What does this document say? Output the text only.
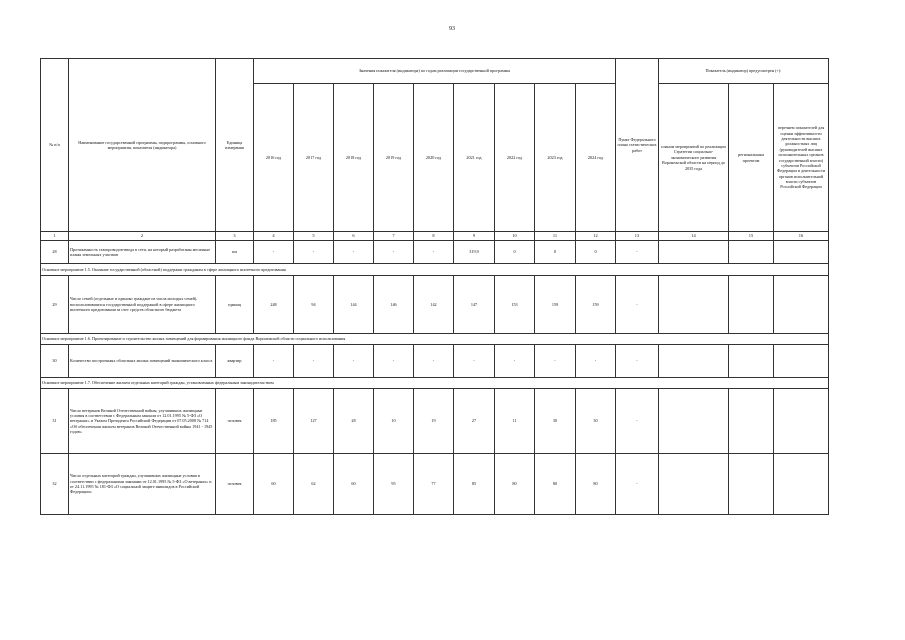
93
№ п/п	Наименование государственной программы, подпрограммы, основного мероприятия, показателя (индикатора)	Единица измерения	Значения показателя (индикатора) по годам реализации государственной программы									Пункт Федерального плана статистических работ	Показатель (индикатор) предусмотрен (+):		
			2016 год	2017 год	2018 год	2019 год	2020 год	2021 год	2022 год	2023 год	2024 год		планом мероприятий по реализации Стратегии социально-экономического развития Воронежской области на период до 2035 года	региональным проектом	перечнем показателей для оценки эффективности деятельности высших должностных лиц (руководителей высших исполнительных органов государственной власти) субъектов Российской Федерации и деятельности органов исполнительной власти субъектов Российской Федерации
1	2	3	4	5	6	7	8	9	10	11	12	13	14	15	16
28	Протяженность газопроводов-ввода в сети, на который разработаны месячные планы земельных участков	км	-	-	-	-	-	319,9	0	0	0	-			
Основное мероприятие 1.5. Оказание государственной (областной) поддержки гражданам в сфере жилищного ипотечного кредитования															
29	Число семей (отдельные и одиноко граждане из числа молодых семей), воспользовавшихся государственной поддержкой в сфере жилищного ипотечного кредитования за счет средств областного бюджета	единиц	248	94	144	146	142	147	153	159	159	-			
Основное мероприятие 1.6. Проектирование и строительство жилых помещений для формирования жилищного фонда Воронежской области социального использования															
30	Количество построенных областных жилых помещений экономического класса	квартир	-	-	-	-	-	-	-	-	-	-			
Основное мероприятие 1.7. Обеспечение жильем отдельных категорий граждан, установленных федеральным законодательством															
31	Число ветеранов Великой Отечественной войны, улучшивших жилищные условия в соответствии с Федеральным законом от 12.01.1995 № 5-ФЗ «О ветеранах» и Указом Президента Российской Федерации от 07.05.2008 № 714 «Об обеспечении жильем ветеранов Великой Отечественной войны 1941 - 1945 годов»	человек	185	127	28	10	19	27	11	30	30	-			
32	Число отдельных категорий граждан, улучшивших жилищные условия в соответствии с федеральными законами от 12.01.1995 № 5-ФЗ «О ветеранах» и от 24.11.1995 № 181-ФЗ «О социальной защите инвалидов в Российской Федерации»	человек	60	62	60	95	77	85	80	80	80	-			
